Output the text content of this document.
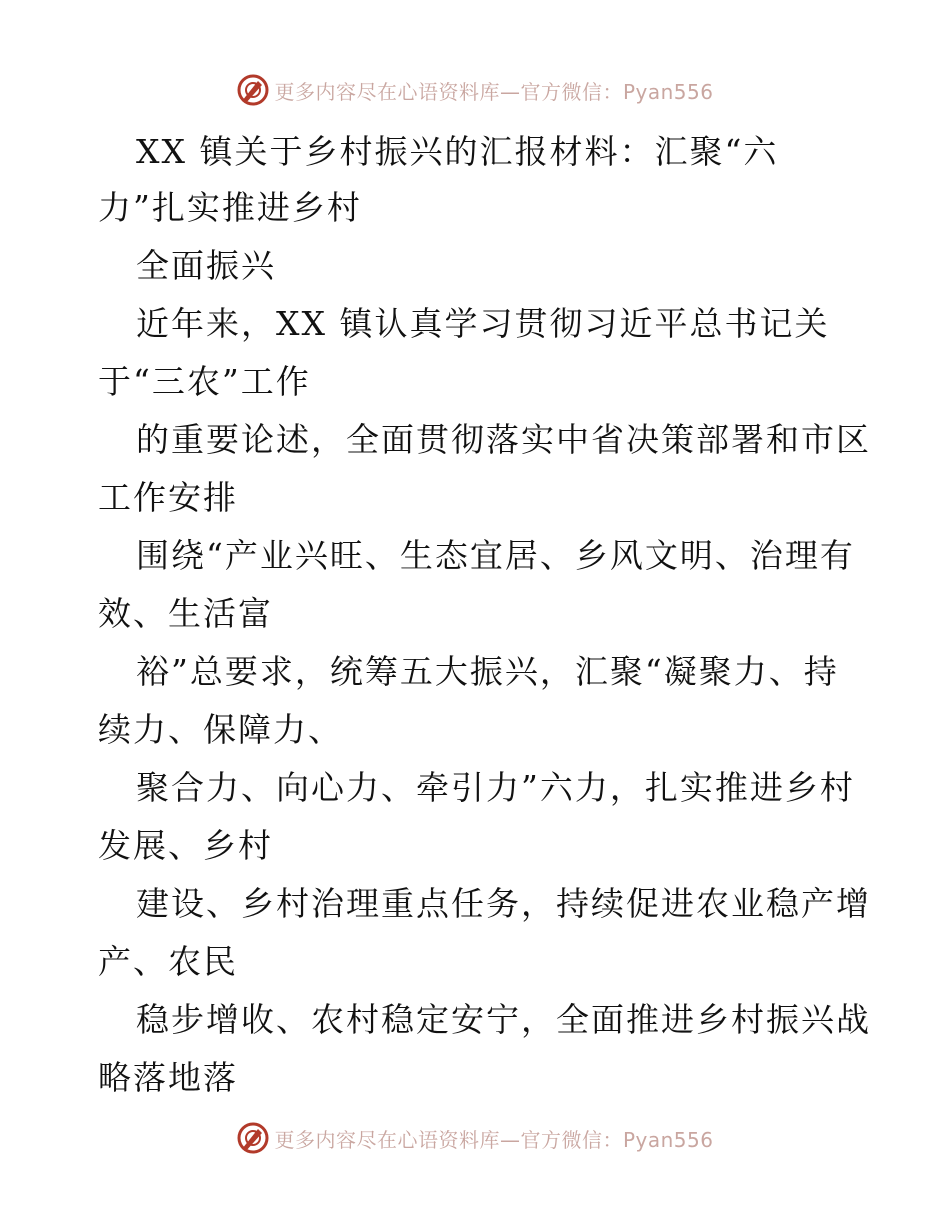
更多内容尽在心语资料库—官方微信：Pyan556
XX 镇关于乡村振兴的汇报材料：汇聚“六
力”扎实推进乡村
全面振兴
近年来，XX 镇认真学习贯彻习近平总书记关
于“三农”工作
的重要论述，全面贯彻落实中省决策部署和市区
工作安排
围绕“产业兴旺、生态宜居、乡风文明、治理有
效、生活富
裕”总要求，统筹五大振兴，汇聚“凝聚力、持
续力、保障力、
聚合力、向心力、牵引力”六力，扎实推进乡村
发展、乡村
建设、乡村治理重点任务，持续促进农业稳产增
产、农民
稳步增收、农村稳定安宁，全面推进乡村振兴战
略落地落
更多内容尽在心语资料库—官方微信：Pyan556
